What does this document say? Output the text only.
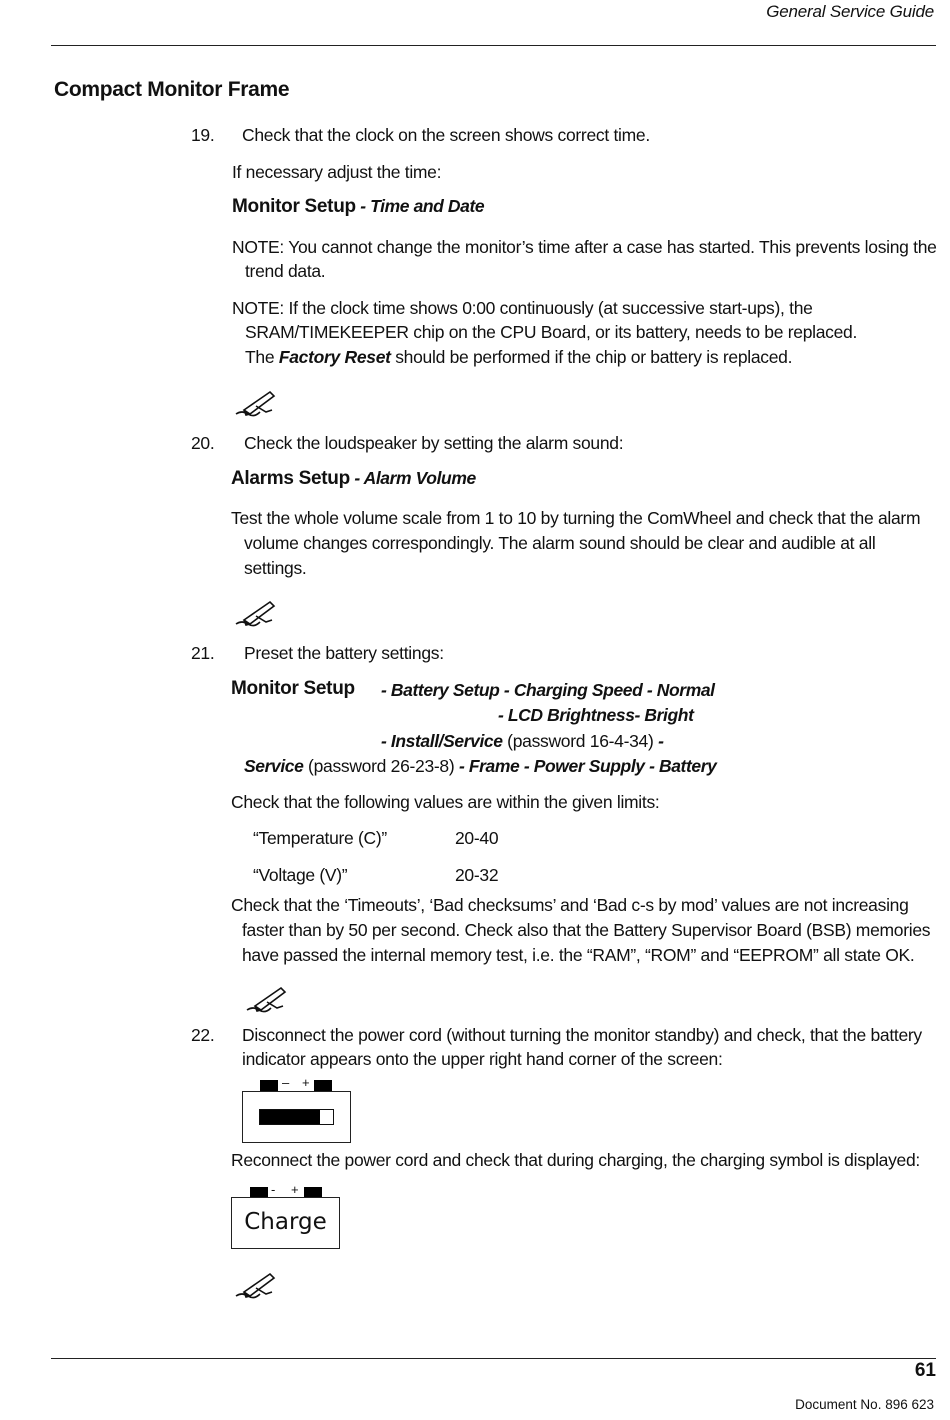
General Service Guide
Compact Monitor Frame
19. Check that the clock on the screen shows correct time.
If necessary adjust the time:
Monitor Setup - Time and Date
NOTE: You cannot change the monitor’s time after a case has started. This prevents losing the
trend data.
NOTE: If the clock time shows 0:00 continuously (at successive start-ups), the
SRAM/TIMEKEEPER chip on the CPU Board, or its battery, needs to be replaced.
The Factory Reset should be performed if the chip or battery is replaced.
20. Check the loudspeaker by setting the alarm sound:
Alarms Setup - Alarm Volume
Test the whole volume scale from 1 to 10 by turning the ComWheel and check that the alarm
volume changes correspondingly. The alarm sound should be clear and audible at all
settings.
21. Preset the battery settings:
Monitor Setup - Battery Setup - Charging Speed - Normal
- LCD Brightness- Bright
- Install/Service (password 16-4-34) -
Service (password 26-23-8) - Frame - Power Supply - Battery
Check that the following values are within the given limits:
“Temperature (C)”	20-40
“Voltage (V)”	20-32
Check that the ‘Timeouts’, ‘Bad checksums’ and ‘Bad c-s by mod’ values are not increasing
faster than by 50 per second. Check also that the Battery Supervisor Board (BSB) memories
have passed the internal memory test, i.e. the “RAM”, “ROM” and “EEPROM” all state OK.
22. Disconnect the power cord (without turning the monitor standby) and check, that the battery
indicator appears onto the upper right hand corner of the screen:
– +
Reconnect the power cord and check that during charging, the charging symbol is displayed:
- +
Charge
61
Document No. 896 623
